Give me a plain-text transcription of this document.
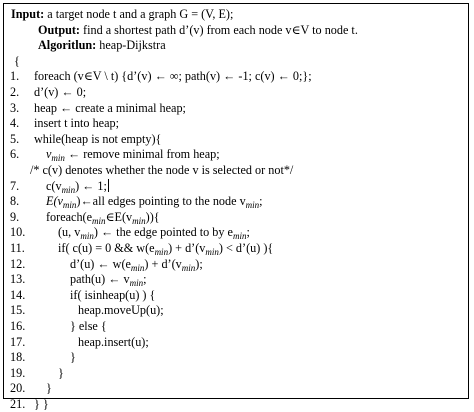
Input: a target node t and a graph G = (V, E);
Output: find a shortest path d’(v) from each node v∈V to node t.
Algoritlun: heap-Dijkstra
{
1. foreach (v∈V \ t) {d’(v) ← ∞; path(v) ← -1; c(v) ← 0;};
2. d’(v) ← 0;
3. heap ← create a minimal heap;
4. insert t into heap;
5. while(heap is not empty){
6. $v_{min}$ ← remove minimal from heap;
/* c(v) denotes whether the node v is selected or not*/
7. $c(v_{min})$ ← 1;
8. $E(v_{min})\leftarrow all$ edges pointing to the node $v_{min}$;
9. $foreach(e_{min}\in E(v_{min}))${
10.	(u, $v_{min}$) ← the edge pointed to by $e_{min}$;
11.	if( c(u) = 0 && $w(e_{min})$ + $d’(v_{min})$ < d’(u) ){
12.	d’(u) ← $w(e_{min})$ + $d’(v_{min})$;
13.	path(u) ← $v_{min}$;
14.	if( isinheap(u) ) {
15.	heap.moveUp(u);
16.	} else {
17.	heap.insert(u);
18.	}
19.	}
20. }
21. } }
